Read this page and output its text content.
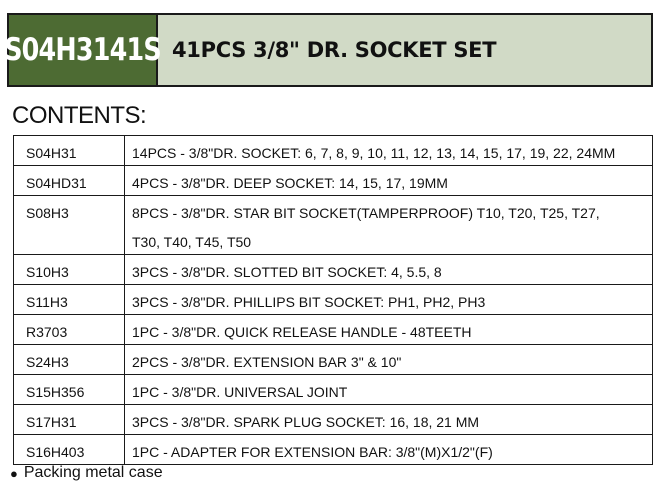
S04H3141S 41PCS 3/8" DR. SOCKET SET
CONTENTS:
S04H31	14PCS - 3/8"DR. SOCKET: 6, 7, 8, 9, 10, 11, 12, 13, 14, 15, 17, 19, 22, 24MM

S04HD31	4PCS - 3/8"DR. DEEP SOCKET: 14, 15, 17, 19MM

S08H3	8PCS - 3/8"DR. STAR BIT SOCKET(TAMPERPROOF) T10, T20, T25, T27,
T30, T40, T45, T50

S10H3	3PCS - 3/8"DR. SLOTTED BIT SOCKET: 4, 5.5, 8

S11H3	3PCS - 3/8"DR. PHILLIPS BIT SOCKET: PH1, PH2, PH3

R3703	1PC - 3/8"DR. QUICK RELEASE HANDLE - 48TEETH

S24H3	2PCS - 3/8"DR. EXTENSION BAR 3" & 10"

S15H356	1PC - 3/8"DR. UNIVERSAL JOINT

S17H31	3PCS - 3/8"DR. SPARK PLUG SOCKET: 16, 18, 21 MM

S16H403	1PC - ADAPTER FOR EXTENSION BAR: 3/8"(M)X1/2"(F)
● Packing metal case
